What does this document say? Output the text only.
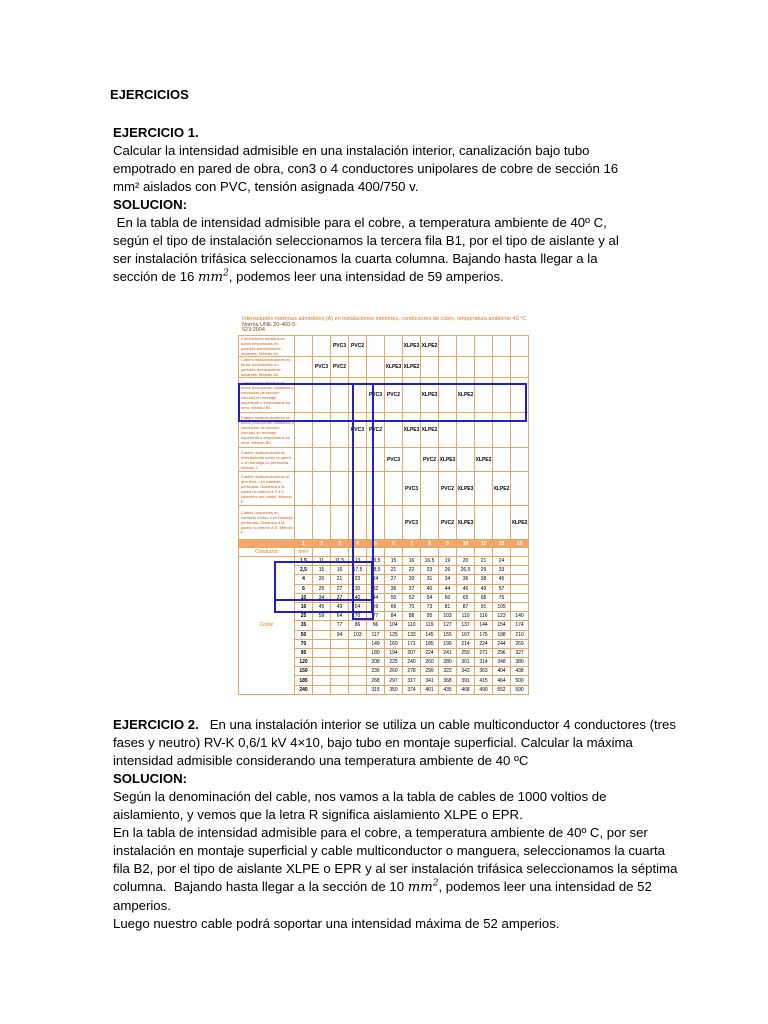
EJERCICIOS
EJERCICIO 1.
Calcular la intensidad admisible en una instalación interior, canalización bajo tubo
empotrado en pared de obra, con3 o 4 conductores unipolares de cobre de sección 16
mm² aislados con PVC, tensión asignada 400/750 v.
SOLUCION:
En la tabla de intensidad admisible para el cobre, a temperatura ambiente de 40º C,
según el tipo de instalación seleccionamos la tercera fila B1, por el tipo de aislante y al
ser instalación trifásica seleccionamos la cuarta columna. Bajando hasta llegar a la
sección de 16 $mm^2$, podemos leer una intensidad de 59 amperios.
Intensidades máximas admisibles (A) en instalaciones interiores, conductores de cobre, temperatura ambiente 40 °C
Norma UNE 20-460-5-
523:2004
Conductores aislados en tubos empotrados en paredes térmicamente aislantes. Método A1			PVC3	PVC2			XLPE3	XLPE2					
Cables multiconductores en tubos empotrados en paredes térmicamente aislantes. Método A2		PVC3	PVC2			XLPE3	XLPE2						
Conductores aislados en tubos (incluyendo canaletas y conductos de sección circular) en montaje superficial o empotrados en obra. Método B1					PVC3	PVC2		XLPE3		XLPE2			
Cables multiconductores en tubos (incluyendo canaletas y conductos de sección circular) en montaje superficial o empotrados en obra. Método B2				PVC3	PVC2		XLPE3	XLPE2					
Cables multiconductores directamente sobre la pared o en bandeja no perforada. Método C						PVC3		PVC2	XLPE3		XLPE2		
Cables multiconductores al aire libre o en bandeja perforada. Distancia a la pared no inferior a 0,3 D (diámetro del cable). Método E							PVC3		PVC2	XLPE3		XLPE2	
Cables unipolares en contacto mutuo o en bandeja perforada. Distancia a la pared no inferior a D. Método F							PVC3		PVC2	XLPE3			XLPE2
	1	2	3	4	5	6	7	8	9	10	11	12	13
Conductor	mm²												
Cobre	1,5	11	11,5	13	13,5	15	16	16,5	19	20	21	24	
	2,5	15	16	17,5	18,5	21	22	23	26	26,5	29	33	
	4	20	21	23	24	27	30	31	34	36	38	45	
	6	25	27	30	32	36	37	40	44	46	49	57	
	10	34	37	40	44	50	52	54	60	65	68	76	
	16	45	49	54	59	66	70	73	81	87	91	105	
	25	59	64	70	77	84	88	95	103	110	116	123	140
	35		77	86	96	104	110	119	127	137	144	154	174
	50		94	103	117	125	133	145	155	167	175	188	210
	70				149	160	171	185	199	214	224	244	269
	95				180	194	207	224	241	259	271	296	327
	120				208	225	240	260	280	301	314	348	380
	150				236	260	278	299	322	343	363	404	438
	185				268	297	317	341	368	391	415	464	500
	240				315	350	374	401	435	468	490	552	590
EJERCICIO 2.   En una instalación interior se utiliza un cable multiconductor 4 conductores (tres
fases y neutro) RV-K 0,6/1 kV 4×10, bajo tubo en montaje superficial. Calcular la máxima
intensidad admisible considerando una temperatura ambiente de 40 ºC
SOLUCION:
Según la denominación del cable, nos vamos a la tabla de cables de 1000 voltios de
aislamiento, y vemos que la letra R significa aislamiento XLPE o EPR.
En la tabla de intensidad admisible para el cobre, a temperatura ambiente de 40º C, por ser
instalación en montaje superficial y cable multiconductor o manguera, seleccionamos la cuarta
fila B2, por el tipo de aislante XLPE o EPR y al ser instalación trifásica seleccionamos la séptima
columna.  Bajando hasta llegar a la sección de 10 $mm^2$, podemos leer una intensidad de 52
amperios.
Luego nuestro cable podrá soportar una intensidad máxima de 52 amperios.
